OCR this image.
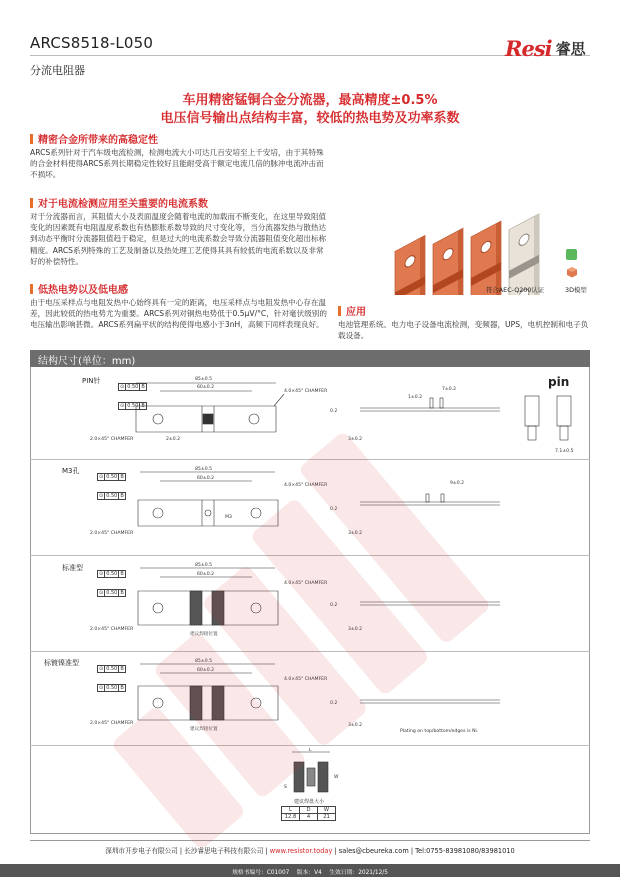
ARCS8518-L050
分流电阻器
Resi 睿思
车用精密锰铜合金分流器，最高精度±0.5%
电压信号输出点结构丰富，较低的热电势及功率系数
精密合金所带来的高稳定性
ARCS系列针对于汽车级电流检测，检测电流大小可达几百安培至上千安培，由于其特殊的合金材料使得ARCS系列长期稳定性较好且能耐受高于额定电流几倍的脉冲电流冲击而不损坏。
对于电流检测应用至关重要的电流系数
对于分流器而言，其阻值大小及表面温度会随着电流的加载而不断变化，在这里导致阻值变化的因素既有电阻温度系数也有热膨胀系数导致的尺寸变化等，当分流器发热与散热达到动态平衡时分流器阻值趋于稳定，但是过大的电流系数会导致分流器阻值变化超出标称精度。ARCS系列特殊的工艺及制备以及热处理工艺使得其具有较低的电流系数以及非常好的补偿特性。
低热电势以及低电感
由于电压采样点与电阻发热中心始终具有一定的距离，电压采样点与电阻发热中心存在温差，因此较低的热电势尤为重要。ARCS系列对铜热电势低于0.5μV/°C，针对毫伏级别的电压输出影响甚微。ARCS系列扁平状的结构使得电感小于3nH，高频下同样表现良好。
符合AEC-Q200认证	3D模型
应用
电池管理系统、电力电子设备电流检测，变频器，UPS，电机控制和电子负载设备。
结构尺寸(单位：mm)
PIN针
M3孔
标准型
标镀镍准型
⊙ 0.50 B

⊙ 0.50 B
⊙ 0.50 B

⊙ 0.50 B
⊙ 0.50 B

⊙ 0.50 B
⊙ 0.50 B

⊙ 0.50 B
85±0.5
60±0.2
2±0.2
4.0×45° CHAMFER
2.0×45° CHAMFER
7±0.2
1±0.2
0.2
7.1±0.5
3±0.2
pin
85±0.5
60±0.2
4.0×45° CHAMFER
2.0×45° CHAMFER
9±0.2
0.2
3±0.2
M3
85±0.5
60±0.2
4.0×45° CHAMFER
2.0×45° CHAMFER
建议焊接位置
0.2
3±0.2
85±0.5
60±0.2
4.0×45° CHAMFER
2.0×45° CHAMFER
建议焊接位置
0.2
3±0.2
Plating on top/bottom/edges is Ni.
L
S
W
建议焊盘大小
L	D	W
12.8	4	21
深圳市开步电子有限公司 | 长沙睿思电子科技有限公司 | www.resistor.today | sales@cbeureka.com | Tel:0755-83981080/83981010
规格书编号：C01007 版本：V4 生效日期：2021/12/5
